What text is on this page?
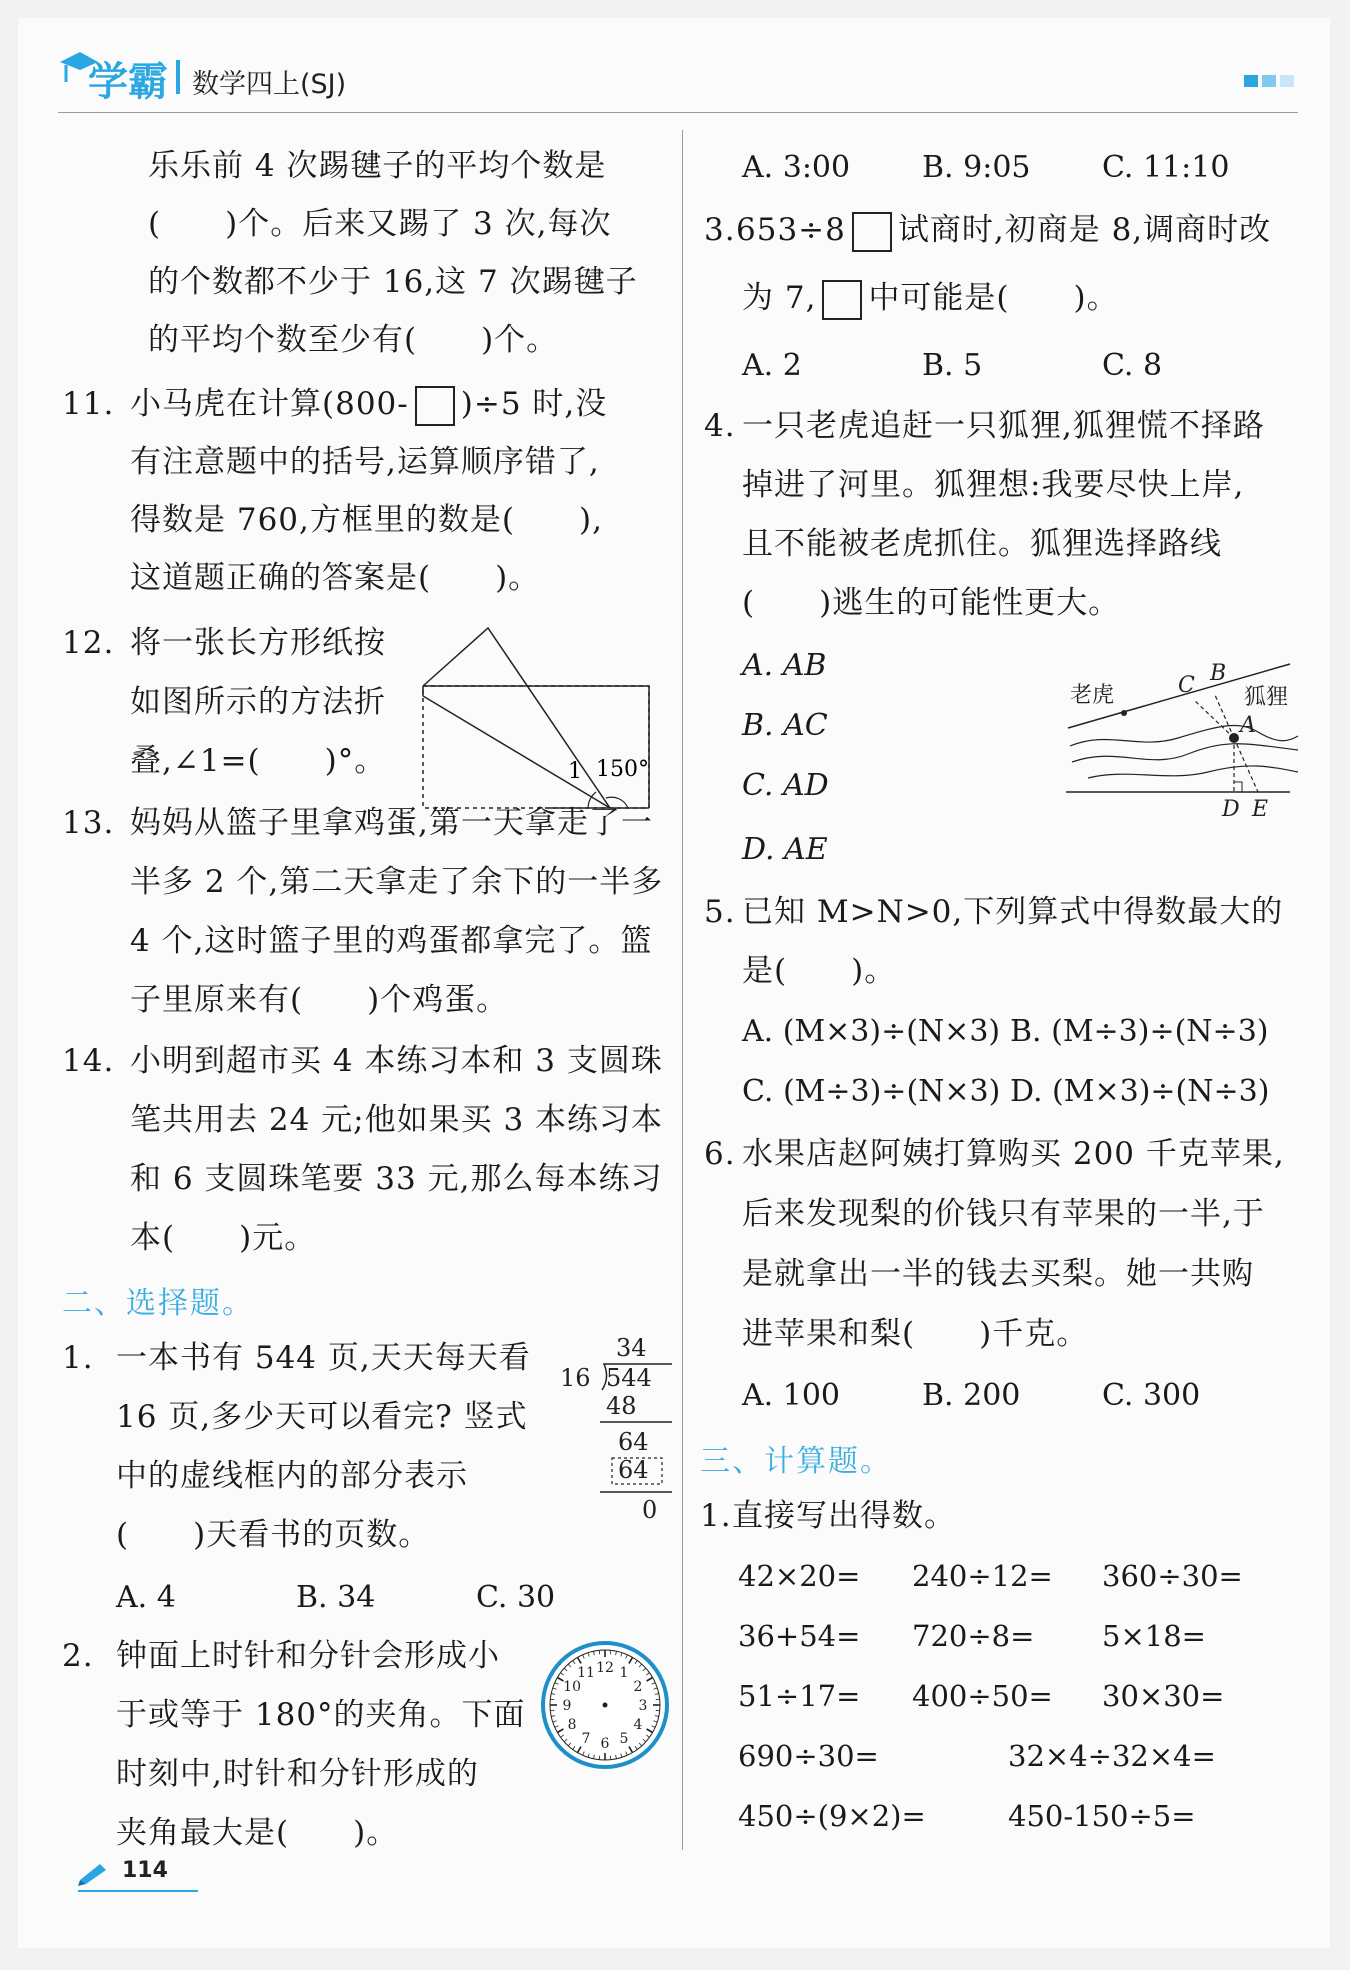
学霸 数学四上(SJ)
乐乐前 4 次踢毽子的平均个数是
(　　)个。后来又踢了 3 次,每次
的个数都不少于 16,这 7 次踢毽子
的平均个数至少有(　　)个。
11. 小马虎在计算(800- )÷5 时,没
有注意题中的括号,运算顺序错了,
得数是 760,方框里的数是(　　),
这道题正确的答案是(　　)。
12. 将一张长方形纸按
如图所示的方法折
叠,∠1=(　　)°。	1 150°
13. 妈妈从篮子里拿鸡蛋,第一天拿走了一
半多 2 个,第二天拿走了余下的一半多
4 个,这时篮子里的鸡蛋都拿完了。篮
子里原来有(　　)个鸡蛋。
14. 小明到超市买 4 本练习本和 3 支圆珠
笔共用去 24 元;他如果买 3 本练习本
和 6 支圆珠笔要 33 元,那么每本练习
本(　　)元。
二、选择题。
1. 一本书有 544 页,天天每天看
16 页,多少天可以看完? 竖式
中的虚线框内的部分表示
(　　)天看书的页数。
34
16 544
48
64
64
0
A. 4	B. 34	C. 30
2. 钟面上时针和分针会形成小
于或等于 180°的夹角。下面
时刻中,时针和分针形成的
夹角最大是(　　)。
12 1
2
3
4
5
6
7
8
9
10
11
A. 3:00 B. 9:05 C. 11:10
3. 653÷8 试商时,初商是 8,调商时改
为 7, 中可能是(　　)。
A. 2	B. 5	C. 8
4. 一只老虎追赶一只狐狸,狐狸慌不择路
掉进了河里。狐狸想:我要尽快上岸,
且不能被老虎抓住。狐狸选择路线
(　　)逃生的可能性更大。
A. AB
B. AC
C. AD
D. AE
老虎	C B
狐狸
A
D E
5. 已知 M>N>0,下列算式中得数最大的
是(　　)。
A. (M×3)÷(N×3) B. (M÷3)÷(N÷3)
C. (M÷3)÷(N×3) D. (M×3)÷(N÷3)
6. 水果店赵阿姨打算购买 200 千克苹果,
后来发现梨的价钱只有苹果的一半,于
是就拿出一半的钱去买梨。她一共购
进苹果和梨(　　)千克。
A. 100	B. 200	C. 300
三、计算题。
1. 直接写出得数。
42×20= 240÷12= 360÷30=
36+54= 720÷8= 5×18=
51÷17= 400÷50= 30×30=
690÷30=	32×4÷32×4=
450÷(9×2)=	450-150÷5=
114
